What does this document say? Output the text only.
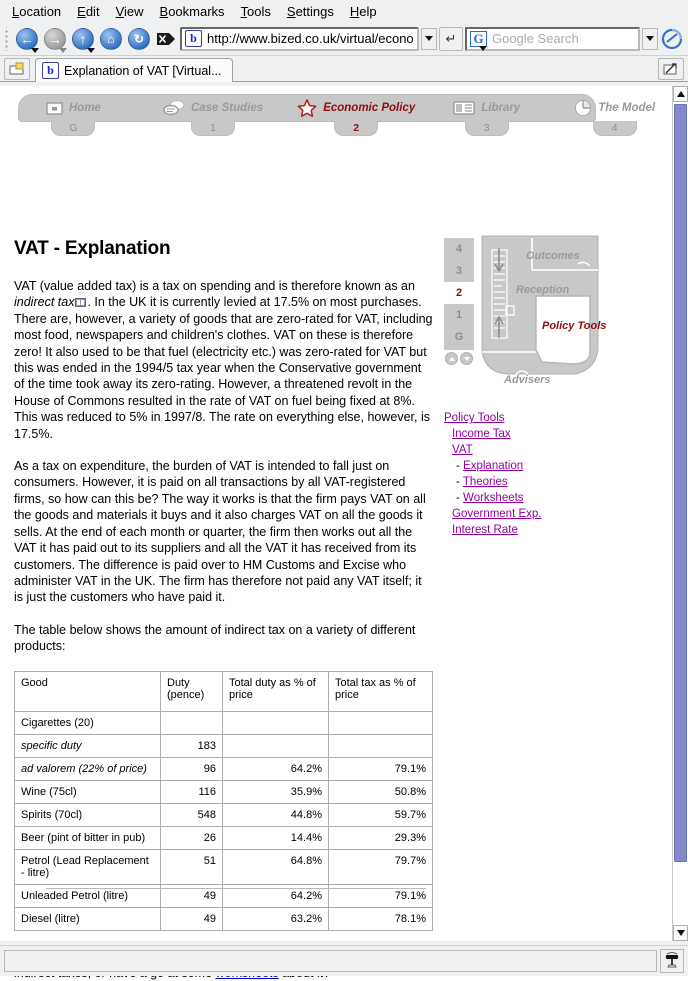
Location	Edit	View	Bookmarks	Tools	Settings	Help
← →	↑	⌂	↻	b
http://www.bized.co.uk/virtual/econo	↵ G
Google Search
b Explanation of VAT [Virtual...
Home
G
Case Studies
1
Economic Policy
2
Library
3
The Model
4
VAT - Explanation

VAT (value added tax) is a tax on spending and is therefore known as an indirect tax . In the UK it is currently levied at 17.5% on most purchases. There are, however, a variety of goods that are zero-rated for VAT, including most food, newspapers and children's clothes. VAT on these is therefore zero! It also used to be that fuel (electricity etc.) was zero-rated for VAT but this was ended in the 1994/5 tax year when the Conservative government of the time took away its zero-rating. However, a threatened revolt in the House of Commons resulted in the rate of VAT on fuel being fixed at 8%. This was reduced to 5% in 1997/8. The rate on everything else, however, is 17.5%.

As a tax on expenditure, the burden of VAT is intended to fall just on consumers. However, it is paid on all transactions by all VAT-registered firms, so how can this be? The way it works is that the firm pays VAT on all the goods and materials it buys and it also charges VAT on all the goods it sells. At the end of each month or quarter, the firm then works out all the VAT it has paid out to its suppliers and all the VAT it has received from its customers. The difference is paid over to HM Customs and Excise who administer VAT in the UK. The firm has therefore not paid any VAT itself; it is just the customers who have paid it.

The table below shows the amount of indirect tax on a variety of different products:

Good	Duty (pence)	Total duty as % of price	Total tax as % of price
Cigarettes (20)			
specific duty	183		
ad valorem (22% of price)	96	64.2%	79.1%
Wine (75cl)	116	35.9%	50.8%
Spirits (70cl)	548	44.8%	59.7%
Beer (pint of bitter in pub)	26	14.4%	29.3%
Petrol (Lead Replacement - litre)	51	64.8%	79.7%
Unleaded Petrol (litre)	49	64.2%	79.1%
Diesel (litre)	49	63.2%	78.1%

4
3
2
1
G
Outcomes
Reception
Policy Tools
Advisers
Policy Tools
Income Tax
VAT
- Explanation
- Theories
- Worksheets
Government Exp.
Interest Rate
